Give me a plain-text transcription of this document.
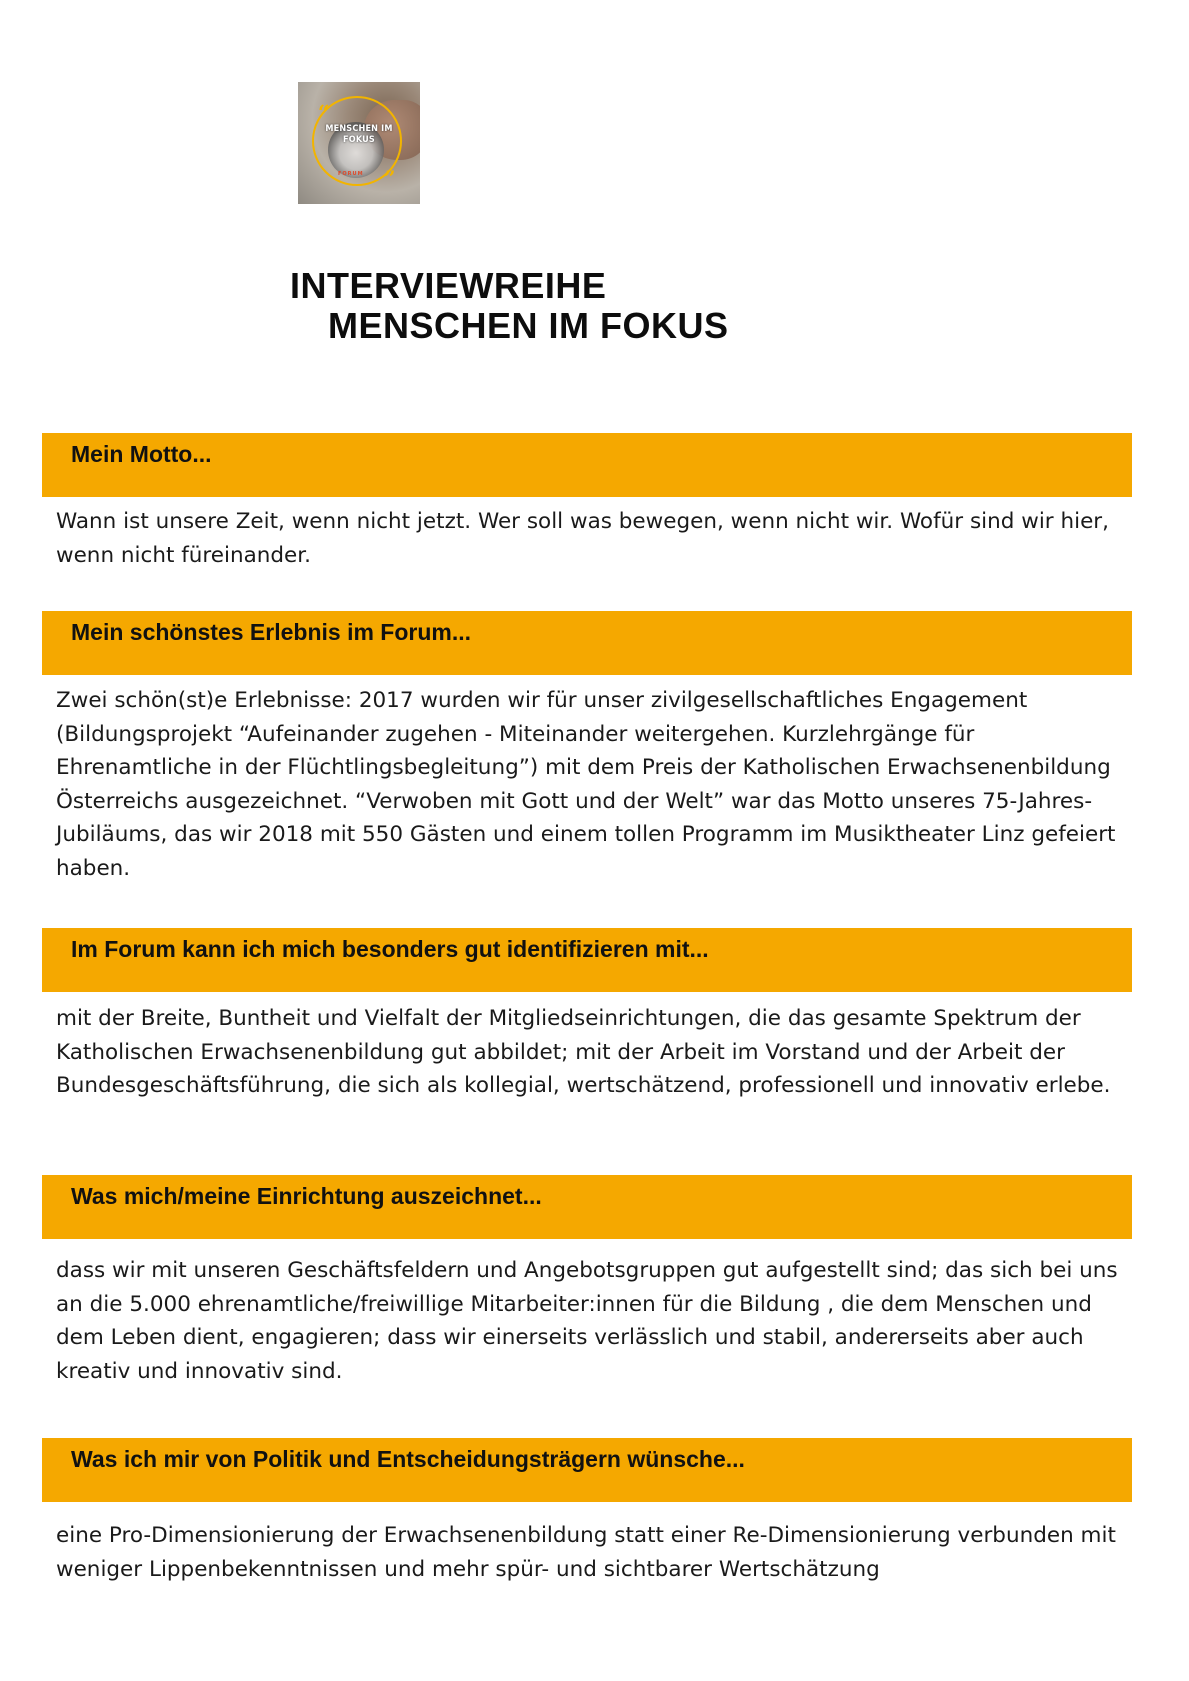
“
”
MENSCHEN IM
FOKUS
FORUM
INTERVIEWREIHE
MENSCHEN IM FOKUS
Mein Motto...

Wann ist unsere Zeit, wenn nicht jetzt. Wer soll was bewegen, wenn nicht wir. Wofür sind wir hier, wenn nicht füreinander.

Mein schönstes Erlebnis im Forum...

Zwei schön(st)e Erlebnisse: 2017 wurden wir für unser zivilgesellschaftliches Engagement (Bildungsprojekt “Aufeinander zugehen - Miteinander weitergehen. Kurzlehrgänge für Ehrenamtliche in der Flüchtlingsbegleitung”) mit dem Preis der Katholischen Erwachsenenbildung Österreichs ausgezeichnet. “Verwoben mit Gott und der Welt” war das Motto unseres 75-Jahres-Jubiläums, das wir 2018 mit 550 Gästen und einem tollen Programm im Musiktheater Linz gefeiert haben.

Im Forum kann ich mich besonders gut identifizieren mit...

mit der Breite, Buntheit und Vielfalt der Mitgliedseinrichtungen, die das gesamte Spektrum der Katholischen Erwachsenenbildung gut abbildet; mit der Arbeit im Vorstand und der Arbeit der Bundesgeschäftsführung, die sich als kollegial, wertschätzend, professionell und innovativ erlebe.

Was mich/meine Einrichtung auszeichnet...

dass wir mit unseren Geschäftsfeldern und Angebotsgruppen gut aufgestellt sind; das sich bei uns an die 5.000 ehrenamtliche/freiwillige Mitarbeiter:innen für die Bildung , die dem Menschen und dem Leben dient, engagieren; dass wir einerseits verlässlich und stabil, andererseits aber auch kreativ und innovativ sind.

Was ich mir von Politik und Entscheidungsträgern wünsche...

eine Pro-Dimensionierung der Erwachsenenbildung statt einer Re-Dimensionierung verbunden mit weniger Lippenbekenntnissen und mehr spür- und sichtbarer Wertschätzung
